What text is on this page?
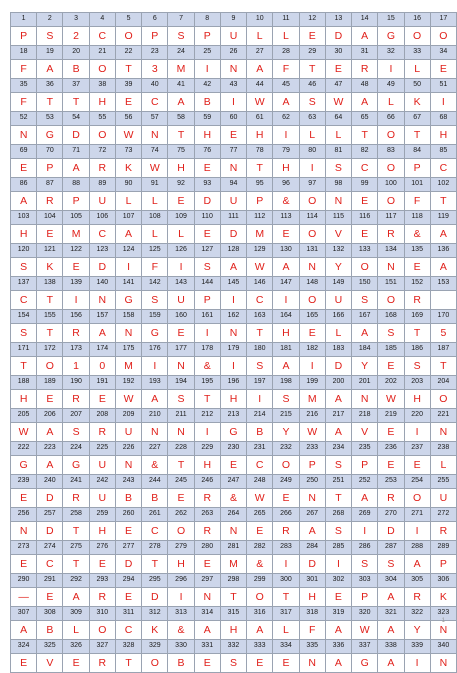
1	2	3	4	5	6	7	8	9	10	11	12	13	14	15	16	17
P	S	2	C	O	P	S	P	U	L	L	E	D	A	G	O	O
18	19	20	21	22	23	24	25	26	27	28	29	30	31	32	33	34
F	A	B	O	T	3	M	I	N	A	F	T	E	R	I	L	E
35	36	37	38	39	40	41	42	43	44	45	46	47	48	49	50	51
F	T	T	H	E	C	A	B	I	W	A	S	W	A	L	K	I
52	53	54	55	56	57	58	59	60	61	62	63	64	65	66	67	68
N	G	D	O	W	N	T	H	E	H	I	L	L	T	O	T	H
69	70	71	72	73	74	75	76	77	78	79	80	81	82	83	84	85
E	P	A	R	K	W	H	E	N	T	H	I	S	C	O	P	C
86	87	88	89	90	91	92	93	94	95	96	97	98	99	100	101	102
A	R	P	U	L	L	E	D	U	P	&	O	N	E	O	F	T
103	104	105	106	107	108	109	110	111	112	113	114	115	116	117	118	119
H	E	M	C	A	L	L	E	D	M	E	O	V	E	R	&	A
120	121	122	123	124	125	126	127	128	129	130	131	132	133	134	135	136
S	K	E	D	I	F	I	S	A	W	A	N	Y	O	N	E	A
137	138	139	140	141	142	143	144	145	146	147	148	149	150	151	152	153
C	T	I	N	G	S	U	P	I	C	I	O	U	S	O	R	
154	155	156	157	158	159	160	161	162	163	164	165	166	167	168	169	170
S	T	R	A	N	G	E	I	N	T	H	E	L	A	S	T	5
171	172	173	174	175	176	177	178	179	180	181	182	183	184	185	186	187
T	O	1	0	M	I	N	&	I	S	A	I	D	Y	E	S	T
188	189	190	191	192	193	194	195	196	197	198	199	200	201	202	203	204
H	E	R	E	W	A	S	T	H	I	S	M	A	N	W	H	O
205	206	207	208	209	210	211	212	213	214	215	216	217	218	219	220	221
W	A	S	R	U	N	N	I	G	B	Y	W	A	V	E	I	N
222	223	224	225	226	227	228	229	230	231	232	233	234	235	236	237	238
G	A	G	U	N	&	T	H	E	C	O	P	S	P	E	E	L
239	240	241	242	243	244	245	246	247	248	249	250	251	252	253	254	255
E	D	R	U	B	B	E	R	&	W	E	N	T	A	R	O	U
256	257	258	259	260	261	262	263	264	265	266	267	268	269	270	271	272
N	D	T	H	E	C	O	R	N	E	R	A	S	I	D	I	R
273	274	275	276	277	278	279	280	281	282	283	284	285	286	287	288	289
E	C	T	E	D	T	H	E	M	&	I	D	I	S	S	A	P
290	291	292	293	294	295	296	297	298	299	300	301	302	303	304	305	306
—	E	A	R	E	D	I	N	T	O	T	H	E	P	A	R	K
307	308	309	310	311	312	313	314	315	316	317	318	319	320	321	322	323
A	B	L	O	C	K	&	A	H	A	L	F	A	W	A	Y	N
324	325	326	327	328	329	330	331	332	333	334	335	336	337	338	339	340
E	V	E	R	T	O	B	E	S	E	E	N	A	G	A	I	N
1
